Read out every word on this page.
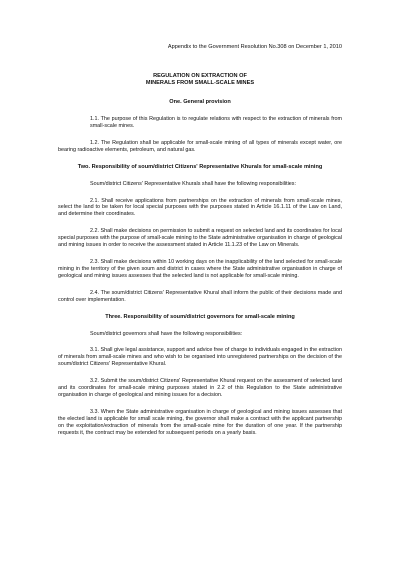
Appendix to the Government Resolution No.308 on December 1, 2010

REGULATION ON EXTRACTION OF
MINERALS FROM SMALL-SCALE MINES

One. General provision

1.1. The purpose of this Regulation is to regulate relations with respect to the extraction of minerals from small-scale mines.

1.2. The Regulation shall be applicable for small-scale mining of all types of minerals except water, ore bearing radioactive elements, petroleum, and natural gas.

Two. Responsibility of soum/district Citizens' Representative Khurals for small-scale mining

Soum/district Citizens' Representative Khurals shall have the following responsibilities:

2.1. Shall receive applications from partnerships on the extraction of minerals from small-scale mines, select the land to be taken for local special purposes with the purposes stated in Article 16.1.11 of the Law on Land, and determine their coordinates.

2.2. Shall make decisions on permission to submit a request on selected land and its coordinates for local special purposes with the purpose of small-scale mining to the State administrative organisation in charge of geological and mining issues in order to receive the assessment stated in Article 11.1.23 of the Law on Minerals.

2.3. Shall make decisions within 10 working days on the inapplicability of the land selected for small-scale mining in the territory of the given soum and district in cases where the State administrative organisation in charge of geological and mining issues assesses that the selected land is not applicable for small-scale mining.

2.4. The soum/district Citizens' Representative Khural shall inform the public of their decisions made and control over implementation.

Three. Responsibility of soum/district governors for small-scale mining

Soum/district governors shall have the following responsibilities:

3.1. Shall give legal assistance, support and advice free of charge to individuals engaged in the extraction of minerals from small-scale mines and who wish to be organised into unregistered partnerships on the decision of the soum/district Citizens' Representative Khural.

3.2. Submit the soum/district Citizens' Representative Khural request on the assessment of selected land and its coordinates for small-scale mining purposes stated in 2.2 of this Regulation to the State administrative organisation in charge of geological and mining issues for a decision.

3.3. When the State administrative organisation in charge of geological and mining issues assesses that the elected land is applicable for small scale mining, the governor shall make a contract with the applicant partnership on the exploitation/extraction of minerals from the small-scale mine for the duration of one year. If the partnership requests it, the contract may be extended for subsequent periods on a yearly basis.
